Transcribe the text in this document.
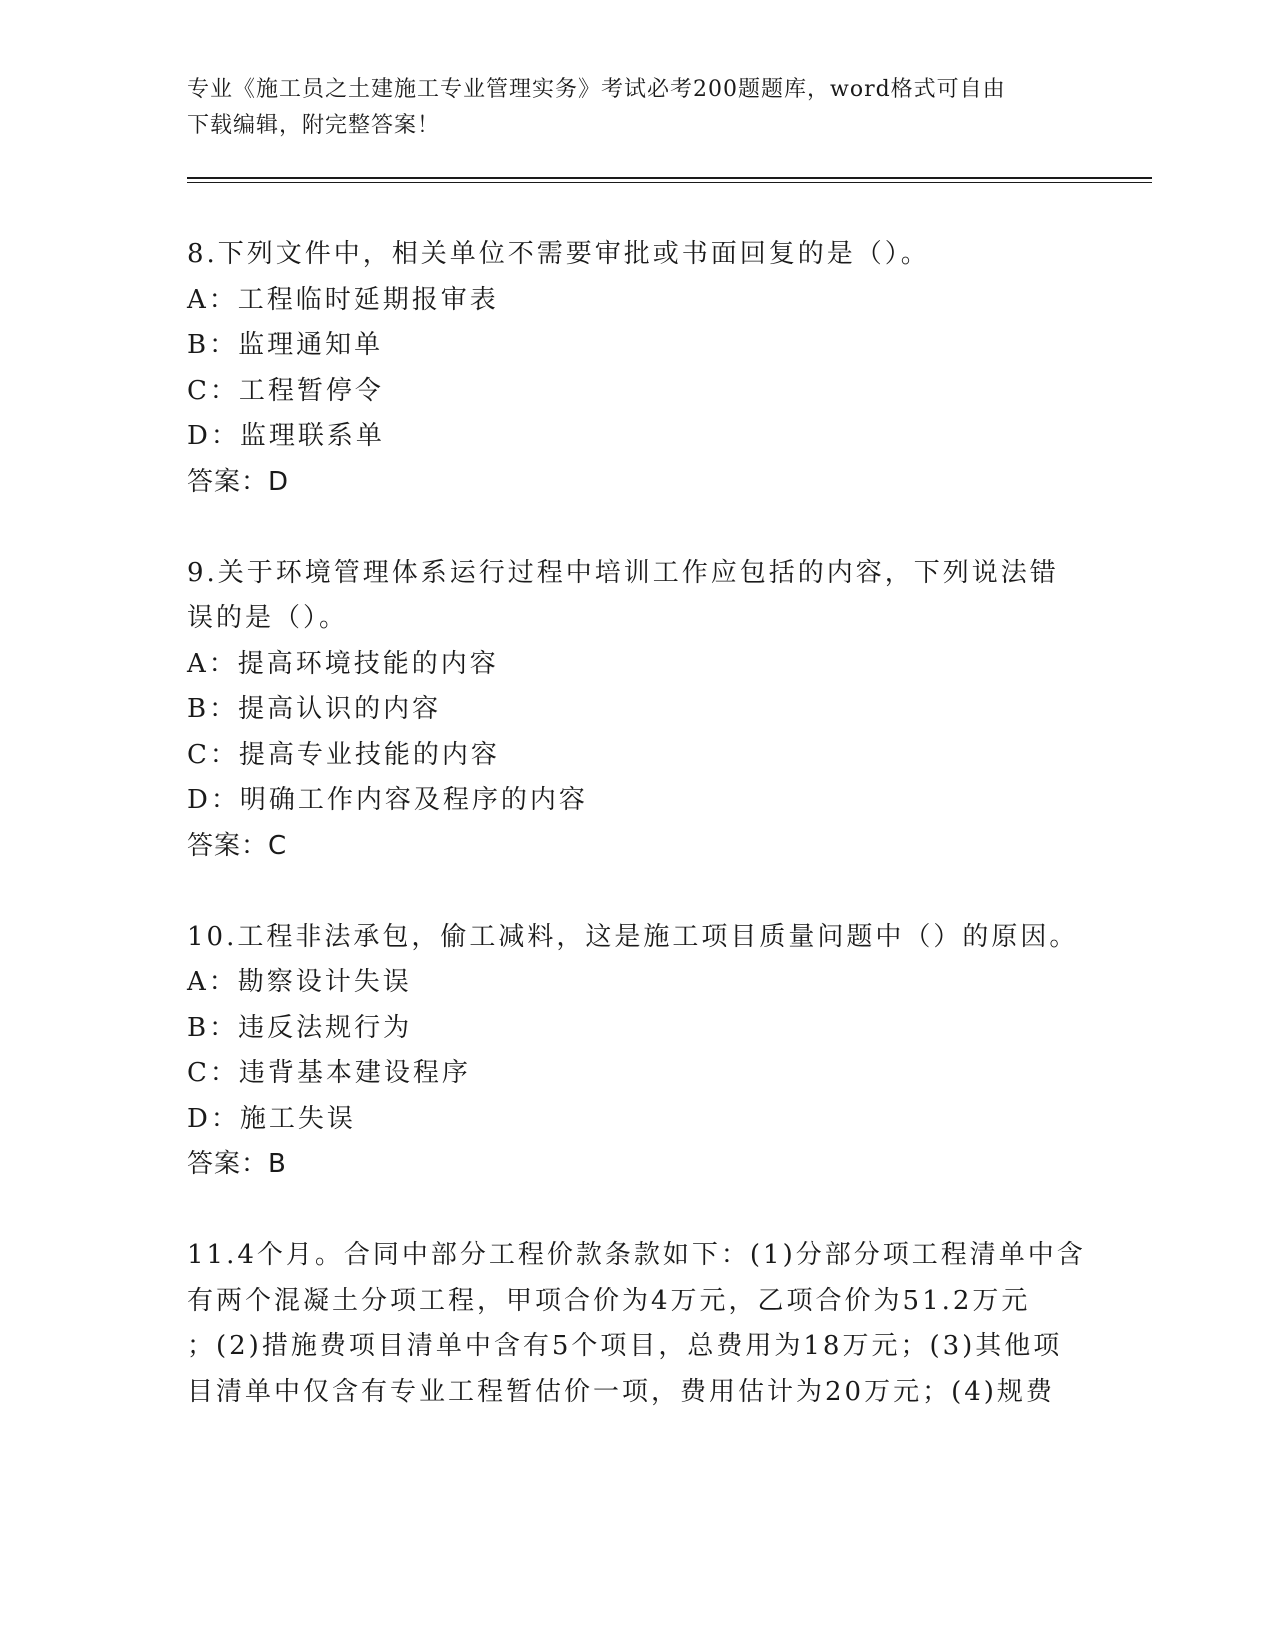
专业《施工员之土建施工专业管理实务》考试必考200题题库，word格式可自由
下载编辑，附完整答案！
8.下列文件中，相关单位不需要审批或书面回复的是（）。
A：工程临时延期报审表
B：监理通知单
C：工程暂停令
D：监理联系单
答案：D
9.关于环境管理体系运行过程中培训工作应包括的内容，下列说法错
误的是（）。
A：提高环境技能的内容
B：提高认识的内容
C：提高专业技能的内容
D：明确工作内容及程序的内容
答案：C
10.工程非法承包，偷工减料，这是施工项目质量问题中（）的原因。
A：勘察设计失误
B：违反法规行为
C：违背基本建设程序
D：施工失误
答案：B
11.4个月。合同中部分工程价款条款如下：(1)分部分项工程清单中含
有两个混凝土分项工程，甲项合价为4万元，乙项合价为51.2万元
；(2)措施费项目清单中含有5个项目，总费用为18万元；(3)其他项
目清单中仅含有专业工程暂估价一项，费用估计为20万元；(4)规费
